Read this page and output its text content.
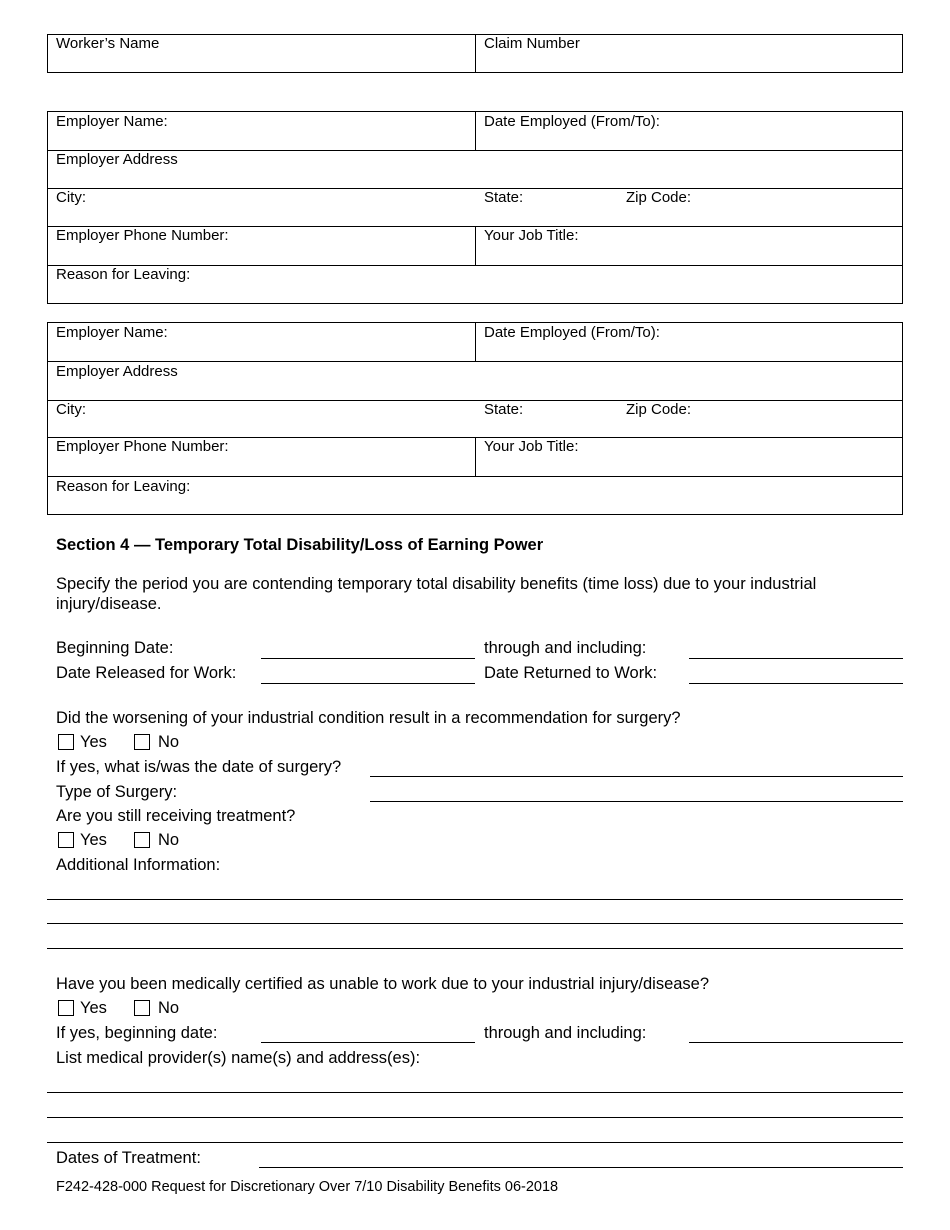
Worker’s Name	Claim Number
Employer Name:	Date Employed (From/To):
Employer Address
City:	State:	Zip Code:
Employer Phone Number:	Your Job Title:
Reason for Leaving:
Employer Name:	Date Employed (From/To):
Employer Address
City:	State:	Zip Code:
Employer Phone Number:	Your Job Title:
Reason for Leaving:
Section 4 — Temporary Total Disability/Loss of Earning Power
Specify the period you are contending temporary total disability benefits (time loss) due to your industrial injury/disease.
Beginning Date:	through and including:
Date Released for Work:	Date Returned to Work:
Did the worsening of your industrial condition result in a recommendation for surgery?
Yes	No
If yes, what is/was the date of surgery?
Type of Surgery:
Are you still receiving treatment?
Yes	No
Additional Information:
Have you been medically certified as unable to work due to your industrial injury/disease?
Yes	No
If yes, beginning date:	through and including:
List medical provider(s) name(s) and address(es):
Dates of Treatment:
F242-428-000 Request for Discretionary Over 7/10 Disability Benefits 06-2018
